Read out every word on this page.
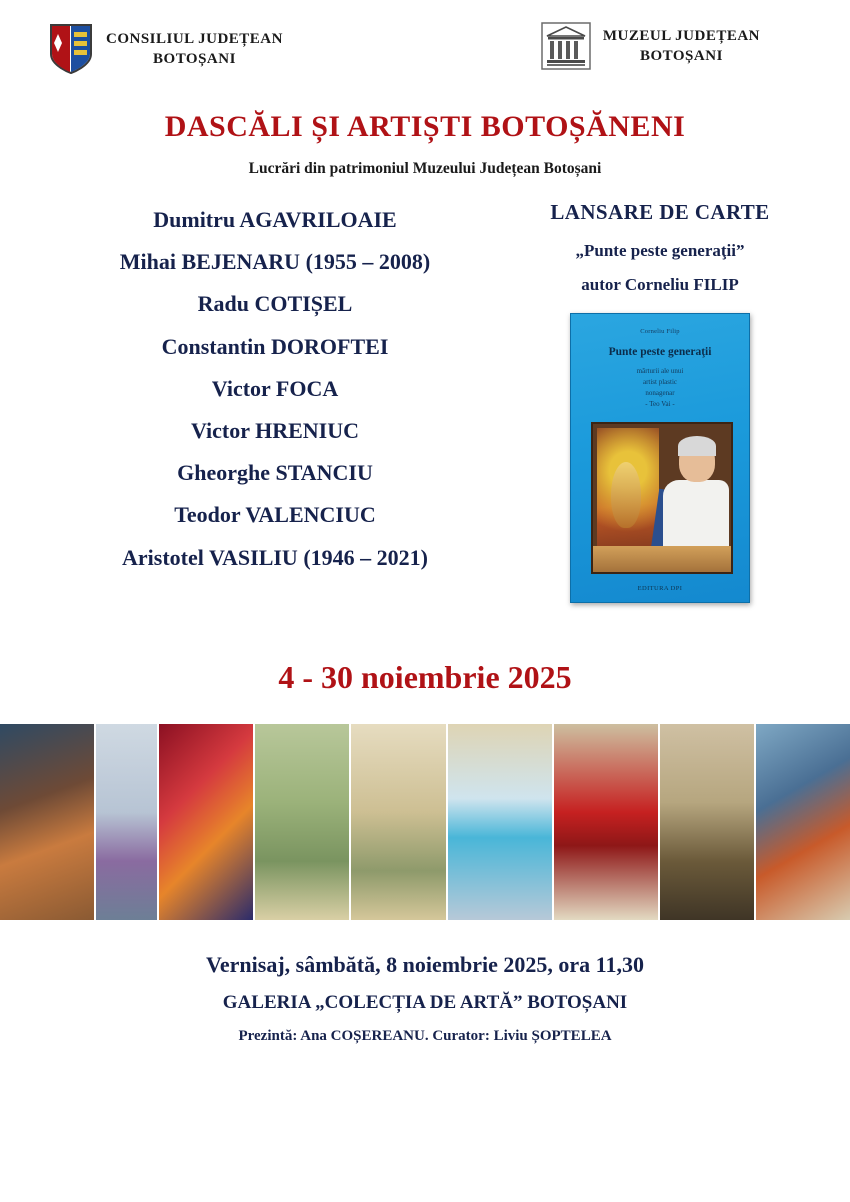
CONSILIUL JUDEȚEAN
BOTOȘANI
MUZEUL JUDEȚEAN
BOTOȘANI
DASCĂLI ȘI ARTIȘTI BOTOȘĂNENI
Lucrări din patrimoniul Muzeului Județean Botoșani
Dumitru AGAVRILOAIE
Mihai BEJENARU (1955 – 2008)
Radu COTIȘEL
Constantin DOROFTEI
Victor FOCA
Victor HRENIUC
Gheorghe STANCIU
Teodor VALENCIUC
Aristotel VASILIU (1946 – 2021)
LANSARE DE CARTE
„Punte peste generaţii”
autor Corneliu FILIP
Corneliu Filip
Punte peste generaţii
mărturii ale unui
artist plastic
nonagenar
- Teo Vai -
EDITURA DPI
4 - 30 noiembrie 2025
Vernisaj, sâmbătă, 8 noiembrie 2025, ora 11,30
GALERIA „COLECȚIA DE ARTĂ” BOTOȘANI
Prezintă: Ana COȘEREANU. Curator: Liviu ȘOPTELEA
